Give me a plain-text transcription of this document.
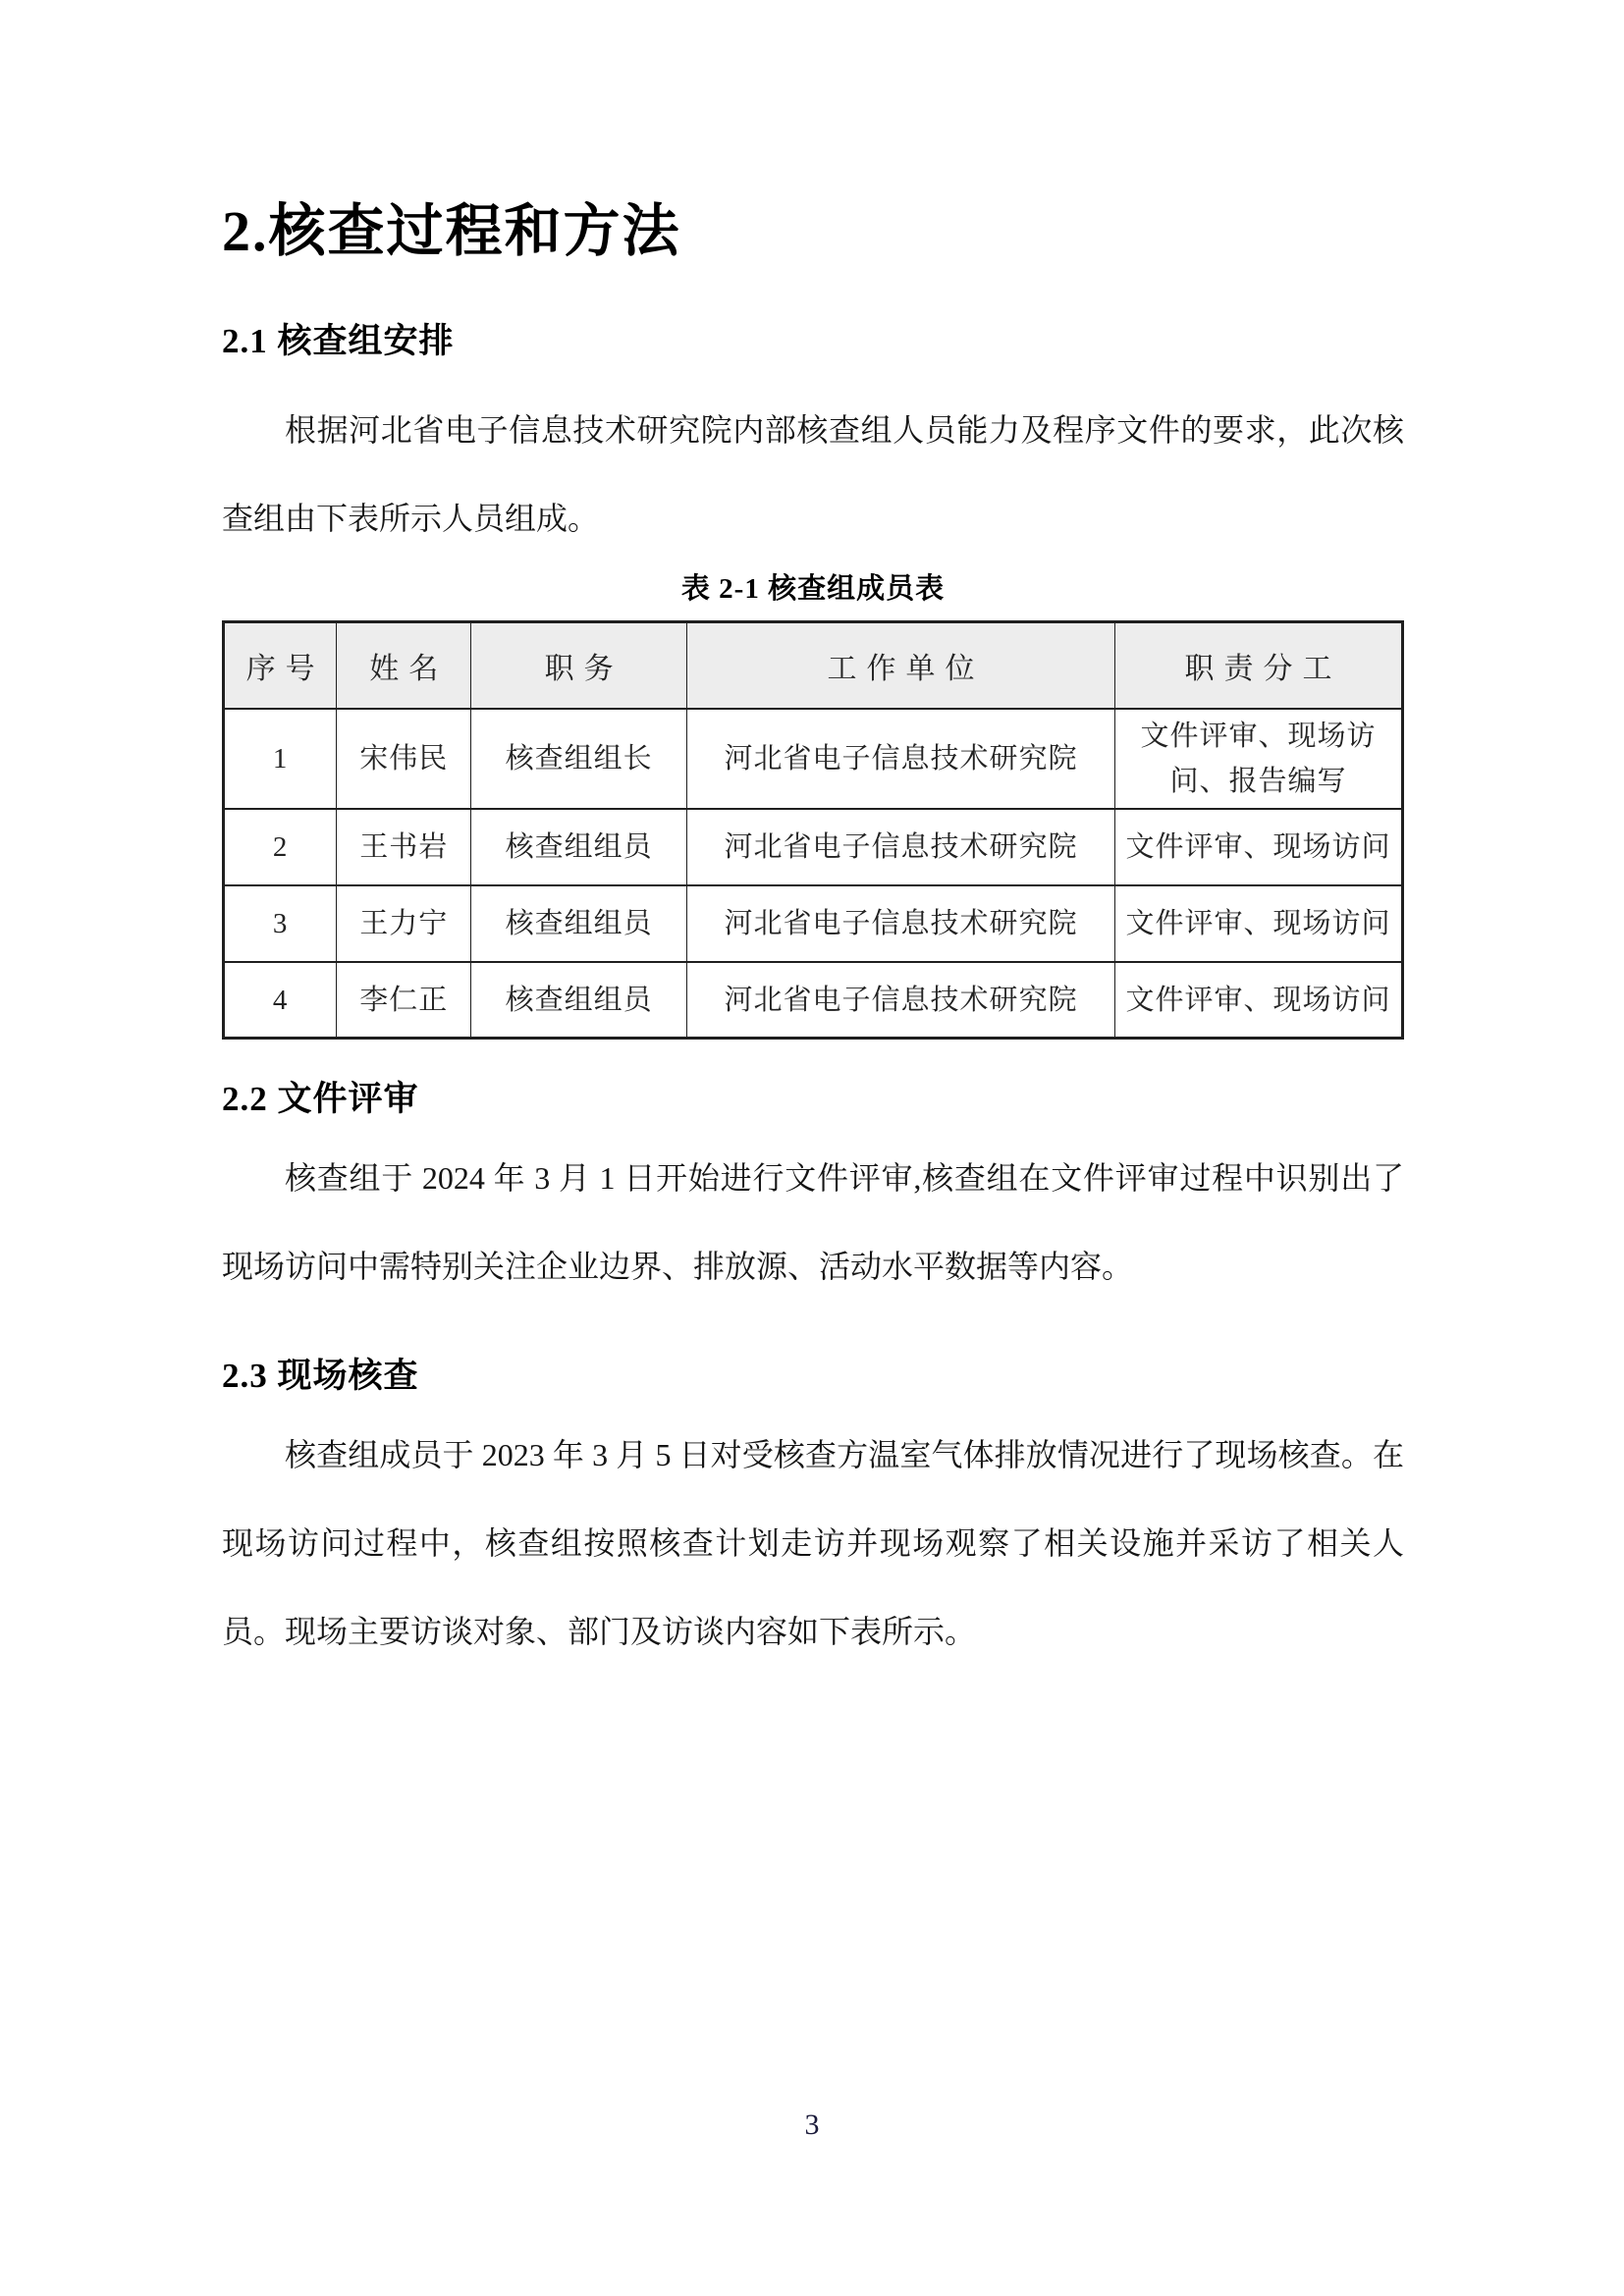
2.核查过程和方法
2.1 核查组安排

根据河北省电子信息技术研究院内部核查组人员能力及程序文件的要求，此次核查组由下表所示人员组成。

表 2-1 核查组成员表

序号	姓名	职务	工作单位	职责分工
1	宋伟民	核查组组长	河北省电子信息技术研究院	文件评审、现场访问、报告编写
2	王书岩	核查组组员	河北省电子信息技术研究院	文件评审、现场访问
3	王力宁	核查组组员	河北省电子信息技术研究院	文件评审、现场访问
4	李仁正	核查组组员	河北省电子信息技术研究院	文件评审、现场访问
2.2 文件评审

核查组于 2024 年 3 月 1 日开始进行文件评审,核查组在文件评审过程中识别出了现场访问中需特别关注企业边界、排放源、活动水平数据等内容。

2.3 现场核查

核查组成员于 2023 年 3 月 5 日对受核查方温室气体排放情况进行了现场核查。在现场访问过程中，核查组按照核查计划走访并现场观察了相关设施并采访了相关人员。现场主要访谈对象、部门及访谈内容如下表所示。

3
